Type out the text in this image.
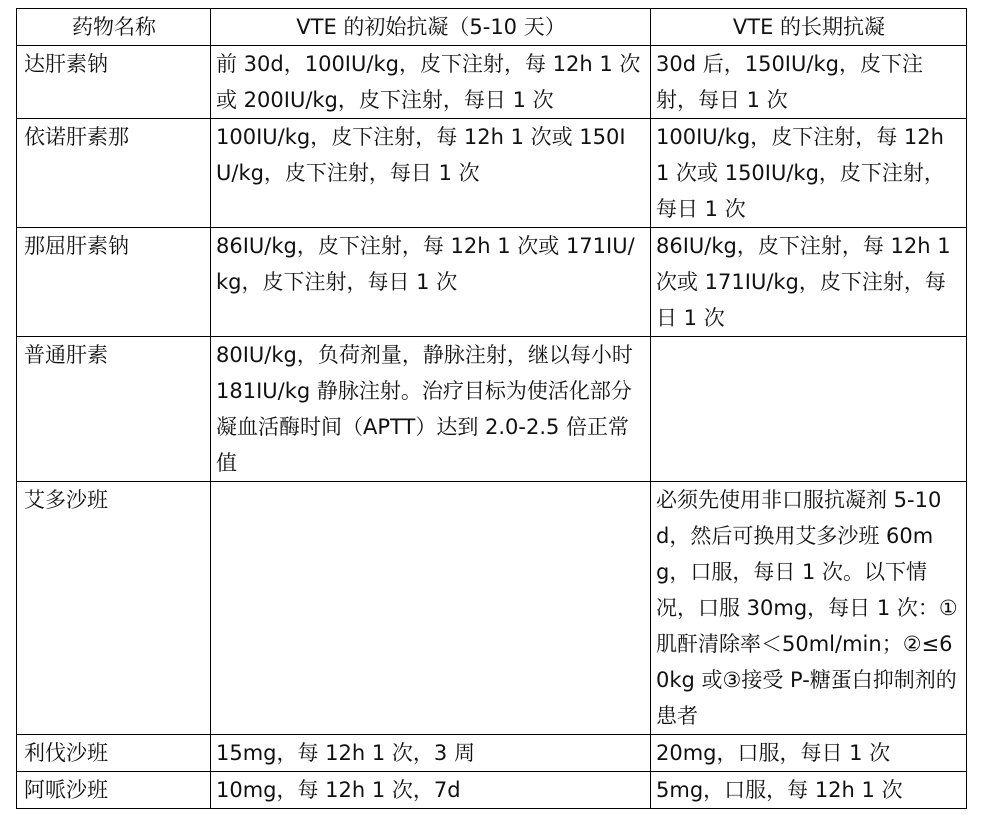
药物名称	VTE 的初始抗凝（5-10 天）	VTE 的长期抗凝
达肝素钠	前 30d，100IU/kg，皮下注射，每 12h 1 次或 200IU/kg，皮下注射，每日 1 次	30d 后，150IU/kg，皮下注射，每日 1 次
依诺肝素那	100IU/kg，皮下注射，每 12h 1 次或 150IU/kg，皮下注射，每日 1 次	100IU/kg，皮下注射，每 12h 1 次或 150IU/kg，皮下注射，每日 1 次
那屈肝素钠	86IU/kg，皮下注射，每 12h 1 次或 171IU/kg，皮下注射，每日 1 次	86IU/kg，皮下注射，每 12h 1 次或 171IU/kg，皮下注射，每日 1 次
普通肝素	80IU/kg，负荷剂量，静脉注射，继以每小时 181IU/kg 静脉注射。治疗目标为使活化部分凝血活酶时间（APTT）达到 2.0-2.5 倍正常值	
艾多沙班		必须先使用非口服抗凝剂 5-10d，然后可换用艾多沙班 60mg，口服，每日 1 次。以下情况，口服 30mg，每日 1 次：①肌酐清除率＜50ml/min；②≤60kg 或③接受 P-糖蛋白抑制剂的患者
利伐沙班	15mg，每 12h 1 次，3 周	20mg，口服，每日 1 次
阿哌沙班	10mg，每 12h 1 次，7d	5mg，口服，每 12h 1 次
